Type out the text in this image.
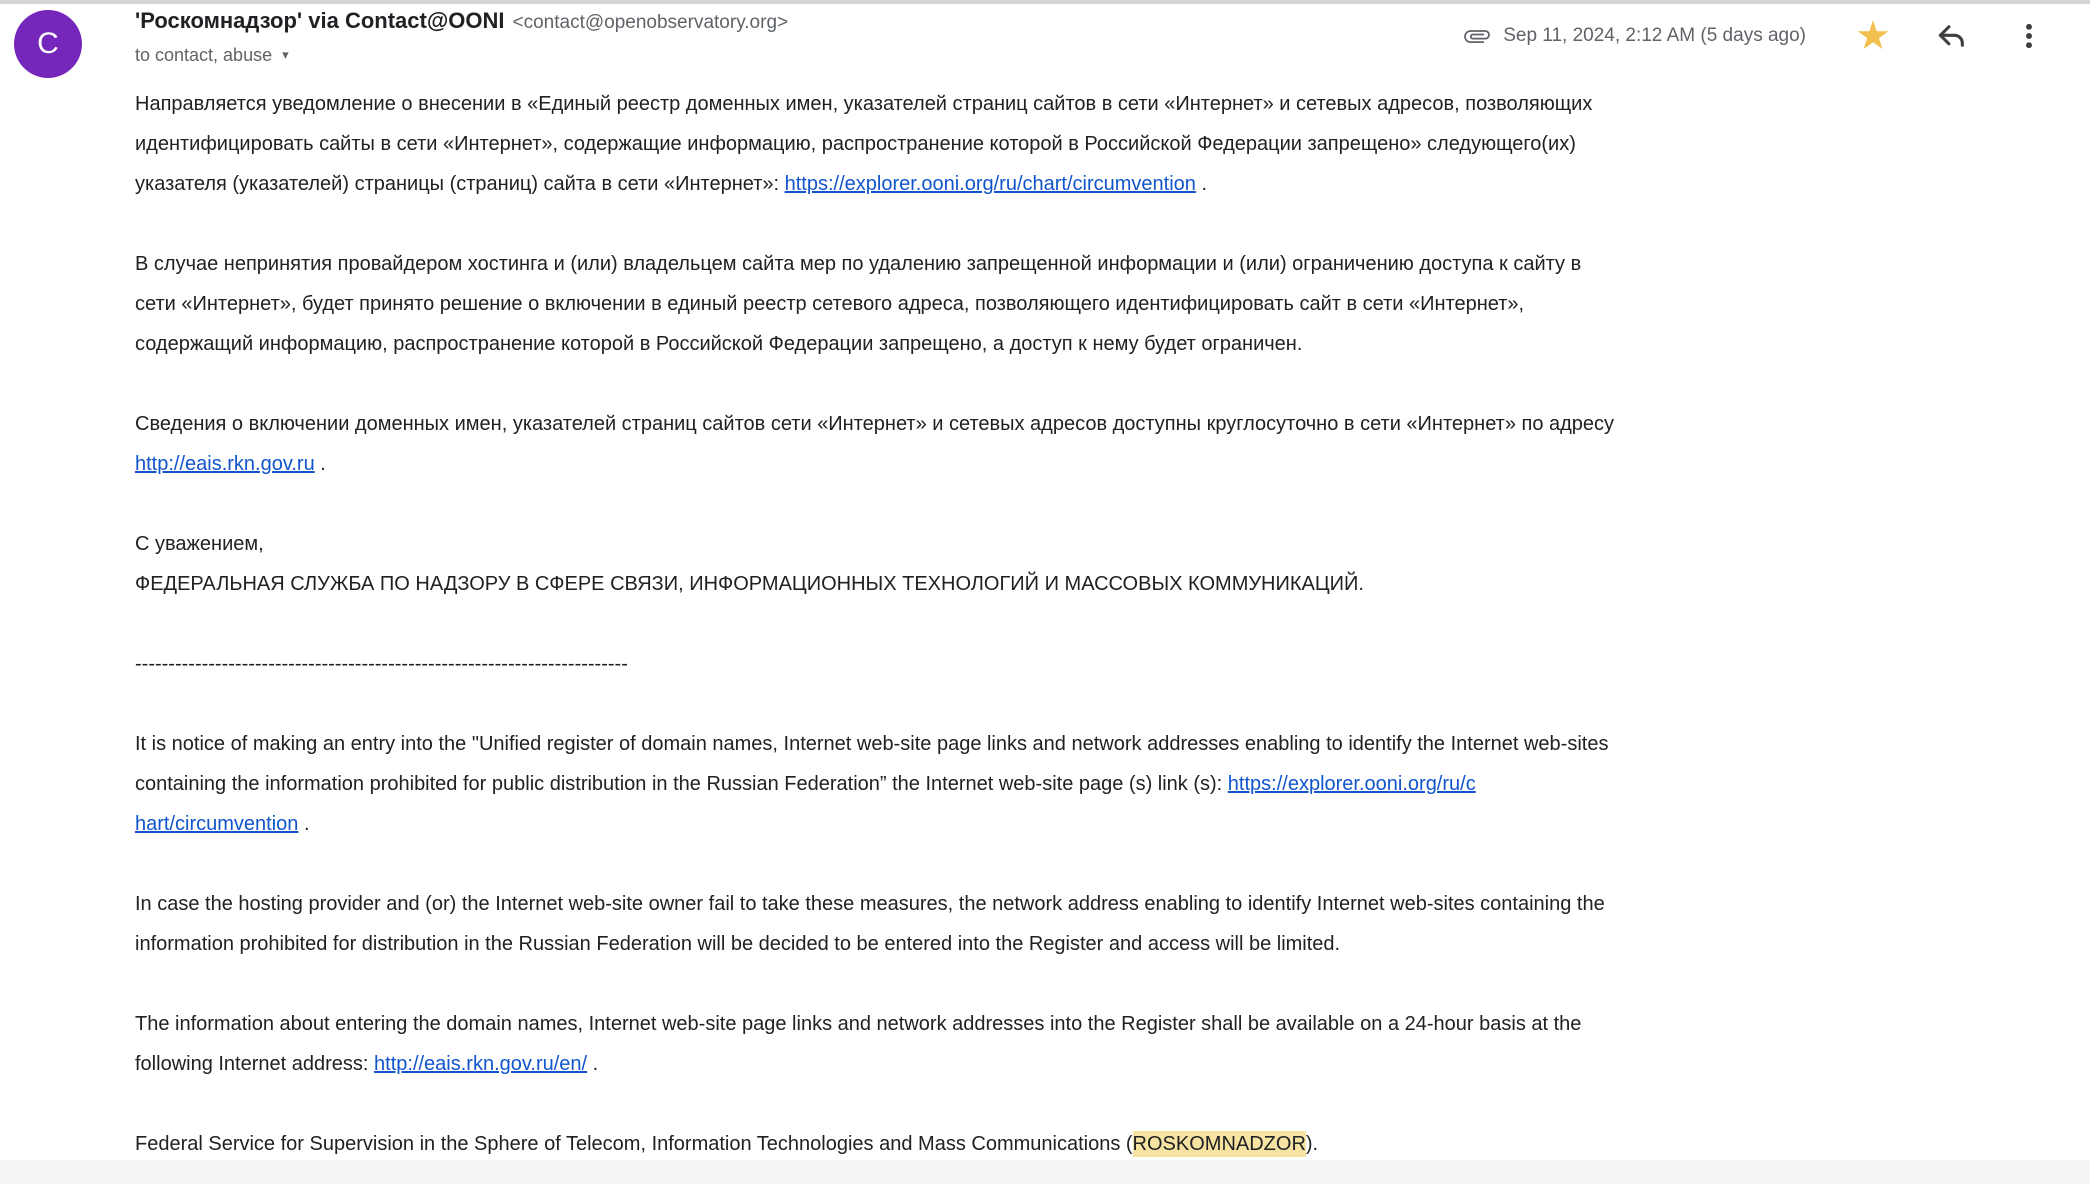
C
'Роскомнадзор' via Contact@OONI <contact@openobservatory.org>
to contact, abuse ▾
Sep 11, 2024, 2:12 AM (5 days ago) ★

Направляется уведомление о внесении в «Единый реестр доменных имен, указателей страниц сайтов в сети «Интернет» и сетевых адресов, позволяющих
идентифицировать сайты в сети «Интернет», содержащие информацию, распространение которой в Российской Федерации запрещено» следующего(их)
указателя (указателей) страницы (страниц) сайта в сети «Интернет»: https://explorer.ooni.org/ru/chart/circumvention .

В случае непринятия провайдером хостинга и (или) владельцем сайта мер по удалению запрещенной информации и (или) ограничению доступа к сайту в
сети «Интернет», будет принято решение о включении в единый реестр сетевого адреса, позволяющего идентифицировать сайт в сети «Интернет»,
содержащий информацию, распространение которой в Российской Федерации запрещено, а доступ к нему будет ограничен.

Сведения о включении доменных имен, указателей страниц сайтов сети «Интернет» и сетевых адресов доступны круглосуточно в сети «Интернет» по адресу
http://eais.rkn.gov.ru .

С уважением,
ФЕДЕРАЛЬНАЯ СЛУЖБА ПО НАДЗОРУ В СФЕРЕ СВЯЗИ, ИНФОРМАЦИОННЫХ ТЕХНОЛОГИЙ И МАССОВЫХ КОММУНИКАЦИЙ.

--------------------------------------------------------------------------

It is notice of making an entry into the "Unified register of domain names, Internet web-site page links and network addresses enabling to identify the Internet web-sites
containing the information prohibited for public distribution in the Russian Federation” the Internet web-site page (s) link (s): https://explorer.ooni.org/ru/c
hart/circumvention .

In case the hosting provider and (or) the Internet web-site owner fail to take these measures, the network address enabling to identify Internet web-sites containing the
information prohibited for distribution in the Russian Federation will be decided to be entered into the Register and access will be limited.

The information about entering the domain names, Internet web-site page links and network addresses into the Register shall be available on a 24-hour basis at the
following Internet address: http://eais.rkn.gov.ru/en/ .

Federal Service for Supervision in the Sphere of Telecom, Information Technologies and Mass Communications (ROSKOMNADZOR).
